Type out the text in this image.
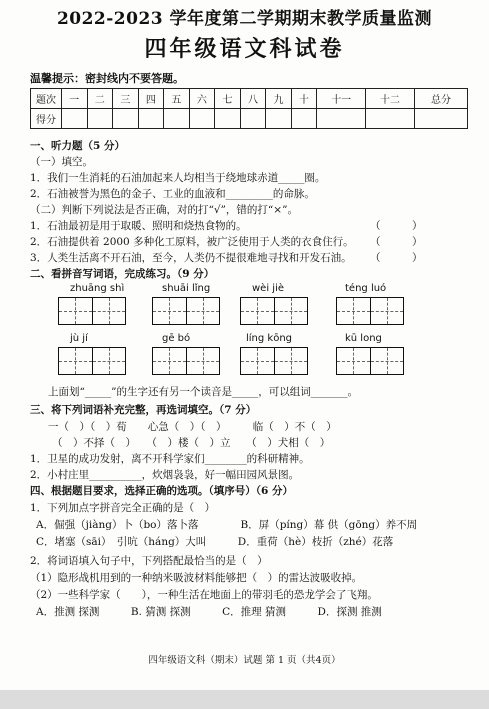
2022-2023 学年度第二学期期末教学质量监测
四年级语文科试卷
温馨提示：密封线内不要答题。
题次	一	二	三	四	五	六	七	八	九	十	十一	十二	总分
得分													
一、听力题（5 分）
（一）填空。
1．我们一生消耗的石油加起来人均相当于绕地球赤道_____圈。
2．石油被誉为黑色的金子、工业的血液和_________的命脉。
（二）判断下列说法是否正确，对的打“√”，错的打“×”。
1．石油最初是用于取暖、照明和烧热食物的。	（　　　）
2．石油提供着 2000 多种化工原料，被广泛使用于人类的衣食住行。 （　　　）
3．人类生活离不开石油，至今，人类仍不提很难地寻找和开发石油。 （　　　）
二、看拼音写词语，完成练习。（9 分）
zhuāng shì	shuāi lǐng	wèi jiè	téng luó
jù jí	gē bó	líng kōng	kū long
上面划“_____”的生字还有另一个读音是_____，可以组词_______。
三、将下列词语补充完整，再选词填空。（7 分）
一（　）（　）荀　　心急（　）（　）　　　临（　）不（　）
（　）不择（　）　　（　）楼（　）立　　（　）犬相（　）
1．卫星的成功发射，离不开科学家们________的科研精神。
2．小村庄里__________，炊烟袅袅，好一幅田园风景图。
四、根据题目要求，选择正确的选项。（填序号）（6 分）
1．下列加点字拼音完全正确的是（　）
A．倔强（jiàng）卜（bo）落卜落　　　　B．屏（píng）幕 供（gōng）养不周
C．堵塞（sāi）　引吭（háng）大叫　　　D．重荷（hè）枝折（zhé）花落
2．将词语填入句子中，下列搭配最恰当的是（　）
（1）隐形战机用到的一种纳米吸波材料能够把（　）的雷达波吸收掉。
（2）一些科学家（　　），一种生活在地面上的带羽毛的恐龙学会了飞翔。
A．推测 探测　　　B. 猜测 探测　　　C．推理 猜测　　　D．探测 推测
四年级语文科（期末）试题 第 1 页（共4页）
